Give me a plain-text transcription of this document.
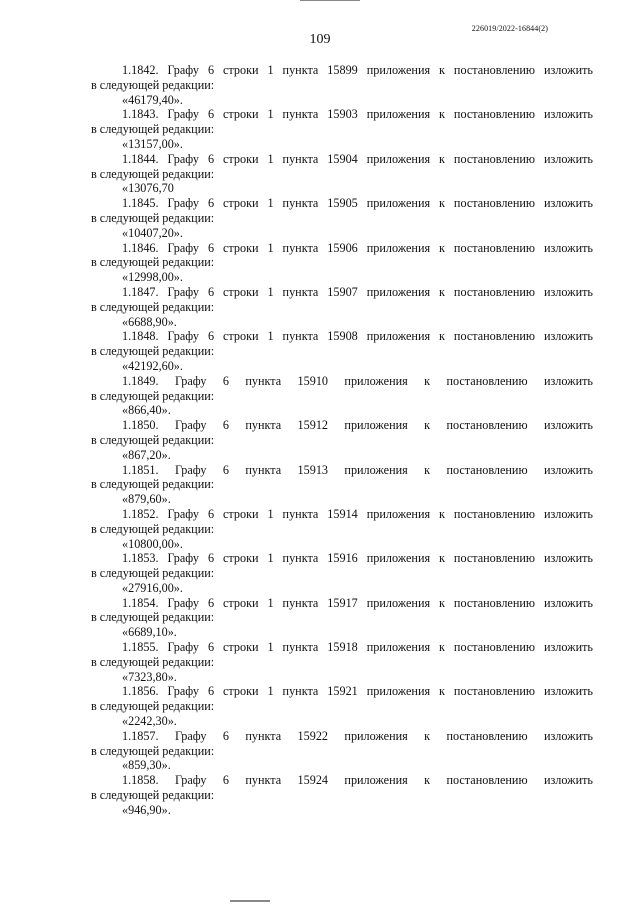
109
226019/2022-16844(2)
1.1842. Графу 6 строки 1 пункта 15899 приложения к постановлению изложить
в следующей редакции:
«46179,40».
1.1843. Графу 6 строки 1 пункта 15903 приложения к постановлению изложить
в следующей редакции:
«13157,00».
1.1844. Графу 6 строки 1 пункта 15904 приложения к постановлению изложить
в следующей редакции:
«13076,70
1.1845. Графу 6 строки 1 пункта 15905 приложения к постановлению изложить
в следующей редакции:
«10407,20».
1.1846. Графу 6 строки 1 пункта 15906 приложения к постановлению изложить
в следующей редакции:
«12998,00».
1.1847. Графу 6 строки 1 пункта 15907 приложения к постановлению изложить
в следующей редакции:
«6688,90».
1.1848. Графу 6 строки 1 пункта 15908 приложения к постановлению изложить
в следующей редакции:
«42192,60».
1.1849. Графу 6 пункта 15910 приложения к постановлению изложить
в следующей редакции:
«866,40».
1.1850. Графу 6 пункта 15912 приложения к постановлению изложить
в следующей редакции:
«867,20».
1.1851. Графу 6 пункта 15913 приложения к постановлению изложить
в следующей редакции:
«879,60».
1.1852. Графу 6 строки 1 пункта 15914 приложения к постановлению изложить
в следующей редакции:
«10800,00».
1.1853. Графу 6 строки 1 пункта 15916 приложения к постановлению изложить
в следующей редакции:
«27916,00».
1.1854. Графу 6 строки 1 пункта 15917 приложения к постановлению изложить
в следующей редакции:
«6689,10».
1.1855. Графу 6 строки 1 пункта 15918 приложения к постановлению изложить
в следующей редакции:
«7323,80».
1.1856. Графу 6 строки 1 пункта 15921 приложения к постановлению изложить
в следующей редакции:
«2242,30».
1.1857. Графу 6 пункта 15922 приложения к постановлению изложить
в следующей редакции:
«859,30».
1.1858. Графу 6 пункта 15924 приложения к постановлению изложить
в следующей редакции:
«946,90».
